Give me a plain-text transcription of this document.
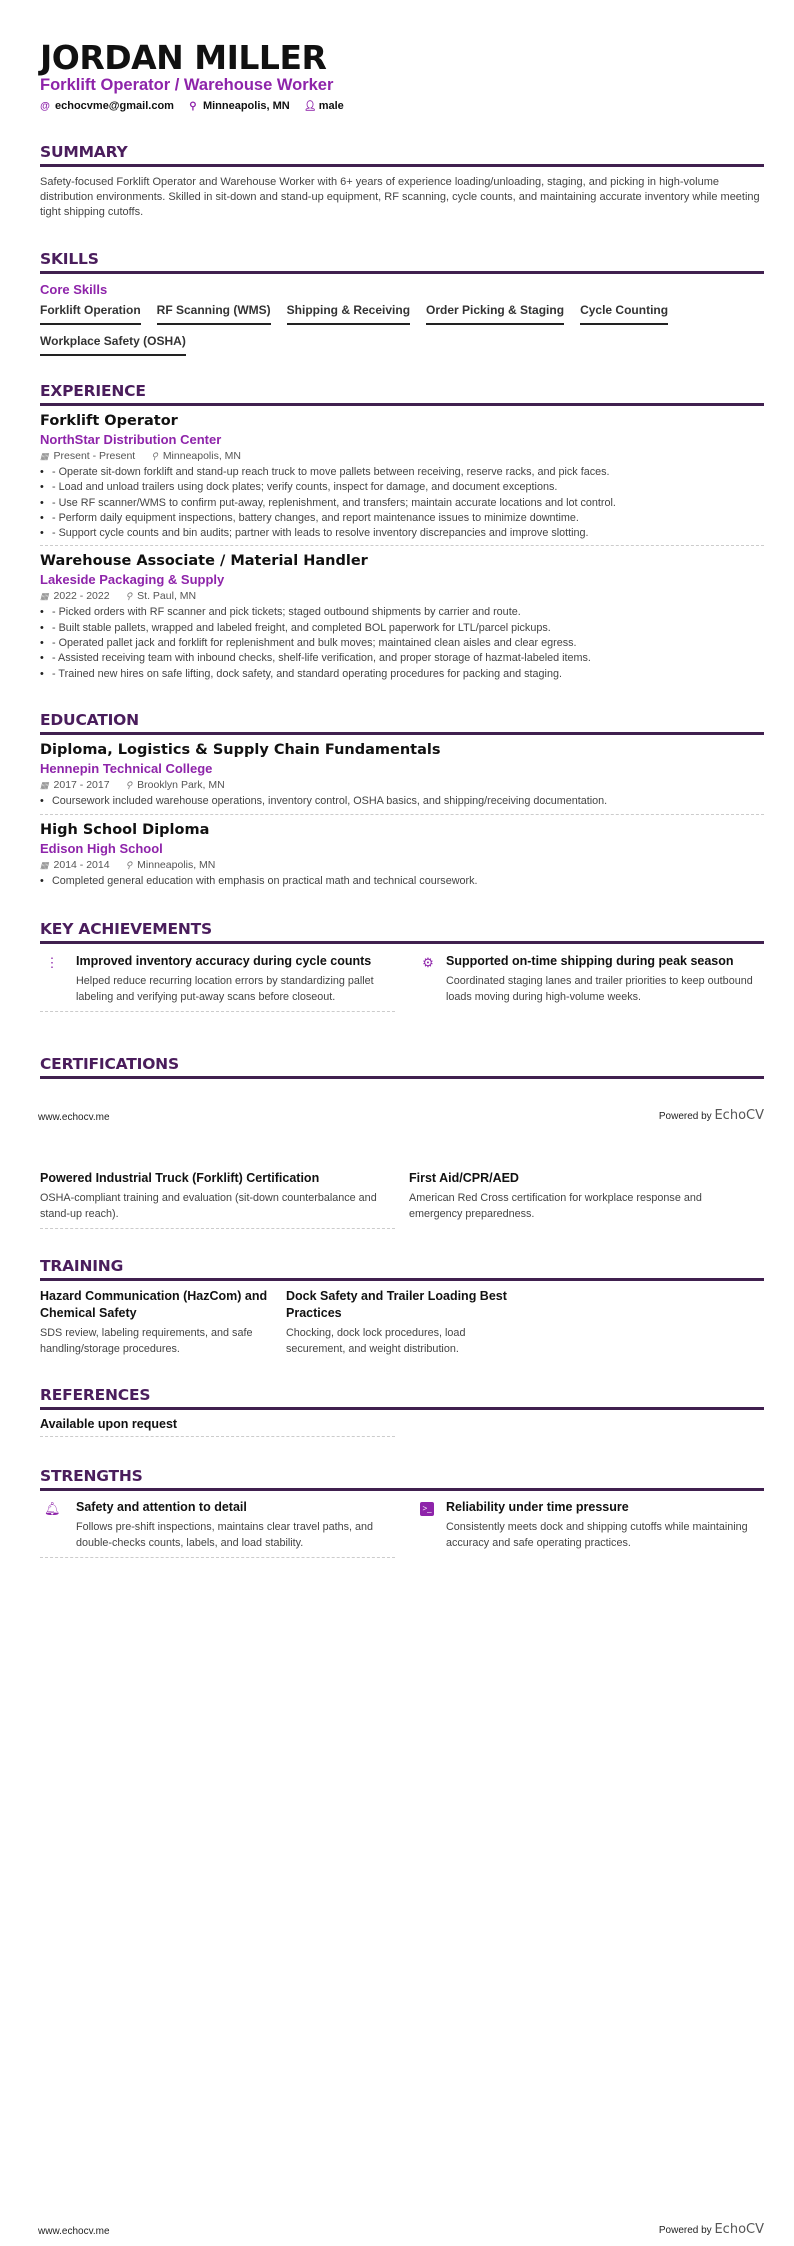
JORDAN MILLER
Forklift Operator / Warehouse Worker
@ echocvme@gmail.com ⚲ Minneapolis, MN 👤︎ male
SUMMARY

Safety-focused Forklift Operator and Warehouse Worker with 6+ years of experience loading/unloading, staging, and picking in high-volume distribution environments. Skilled in sit-down and stand-up equipment, RF scanning, cycle counts, and maintaining accurate inventory while meeting tight shipping cutoffs.

SKILLS
Core Skills
Forklift Operation RF Scanning (WMS) Shipping & Receiving Order Picking & Staging Cycle Counting
Workplace Safety (OSHA)
EXPERIENCE
Forklift Operator
NorthStar Distribution Center
▦ Present - Present ⚲ Minneapolis, MN
• - Operate sit-down forklift and stand-up reach truck to move pallets between receiving, reserve racks, and pick faces.
• - Load and unload trailers using dock plates; verify counts, inspect for damage, and document exceptions.
• - Use RF scanner/WMS to confirm put-away, replenishment, and transfers; maintain accurate locations and lot control.
• - Perform daily equipment inspections, battery changes, and report maintenance issues to minimize downtime.
• - Support cycle counts and bin audits; partner with leads to resolve inventory discrepancies and improve slotting.
Warehouse Associate / Material Handler
Lakeside Packaging & Supply
▦ 2022 - 2022 ⚲ St. Paul, MN
• - Picked orders with RF scanner and pick tickets; staged outbound shipments by carrier and route.
• - Built stable pallets, wrapped and labeled freight, and completed BOL paperwork for LTL/parcel pickups.
• - Operated pallet jack and forklift for replenishment and bulk moves; maintained clean aisles and clear egress.
• - Assisted receiving team with inbound checks, shelf-life verification, and proper storage of hazmat-labeled items.
• - Trained new hires on safe lifting, dock safety, and standard operating procedures for packing and staging.
EDUCATION
Diploma, Logistics & Supply Chain Fundamentals
Hennepin Technical College
▦ 2017 - 2017 ⚲ Brooklyn Park, MN
• Coursework included warehouse operations, inventory control, OSHA basics, and shipping/receiving documentation.
High School Diploma
Edison High School
▦ 2014 - 2014 ⚲ Minneapolis, MN
• Completed general education with emphasis on practical math and technical coursework.
KEY ACHIEVEMENTS
⋮ Improved inventory accuracy during cycle counts
Helped reduce recurring location errors by standardizing pallet labeling and verifying put-away scans before closeout.
⚙ Supported on-time shipping during peak season
Coordinated staging lanes and trailer priorities to keep outbound loads moving during high-volume weeks.
CERTIFICATIONS
www.echocv.me	Powered by EchoCV
Powered Industrial Truck (Forklift) Certification
OSHA-compliant training and evaluation (sit-down counterbalance and stand-up reach).
First Aid/CPR/AED
American Red Cross certification for workplace response and emergency preparedness.
TRAINING
Hazard Communication (HazCom) and Chemical Safety
SDS review, labeling requirements, and safe handling/storage procedures.
Dock Safety and Trailer Loading Best Practices
Chocking, dock lock procedures, load securement, and weight distribution.
REFERENCES
Available upon request
STRENGTHS
🔔︎ Safety and attention to detail
Follows pre-shift inspections, maintains clear travel paths, and double-checks counts, labels, and load stability.
>_ Reliability under time pressure
Consistently meets dock and shipping cutoffs while maintaining accuracy and safe operating practices.
www.echocv.me	Powered by EchoCV
